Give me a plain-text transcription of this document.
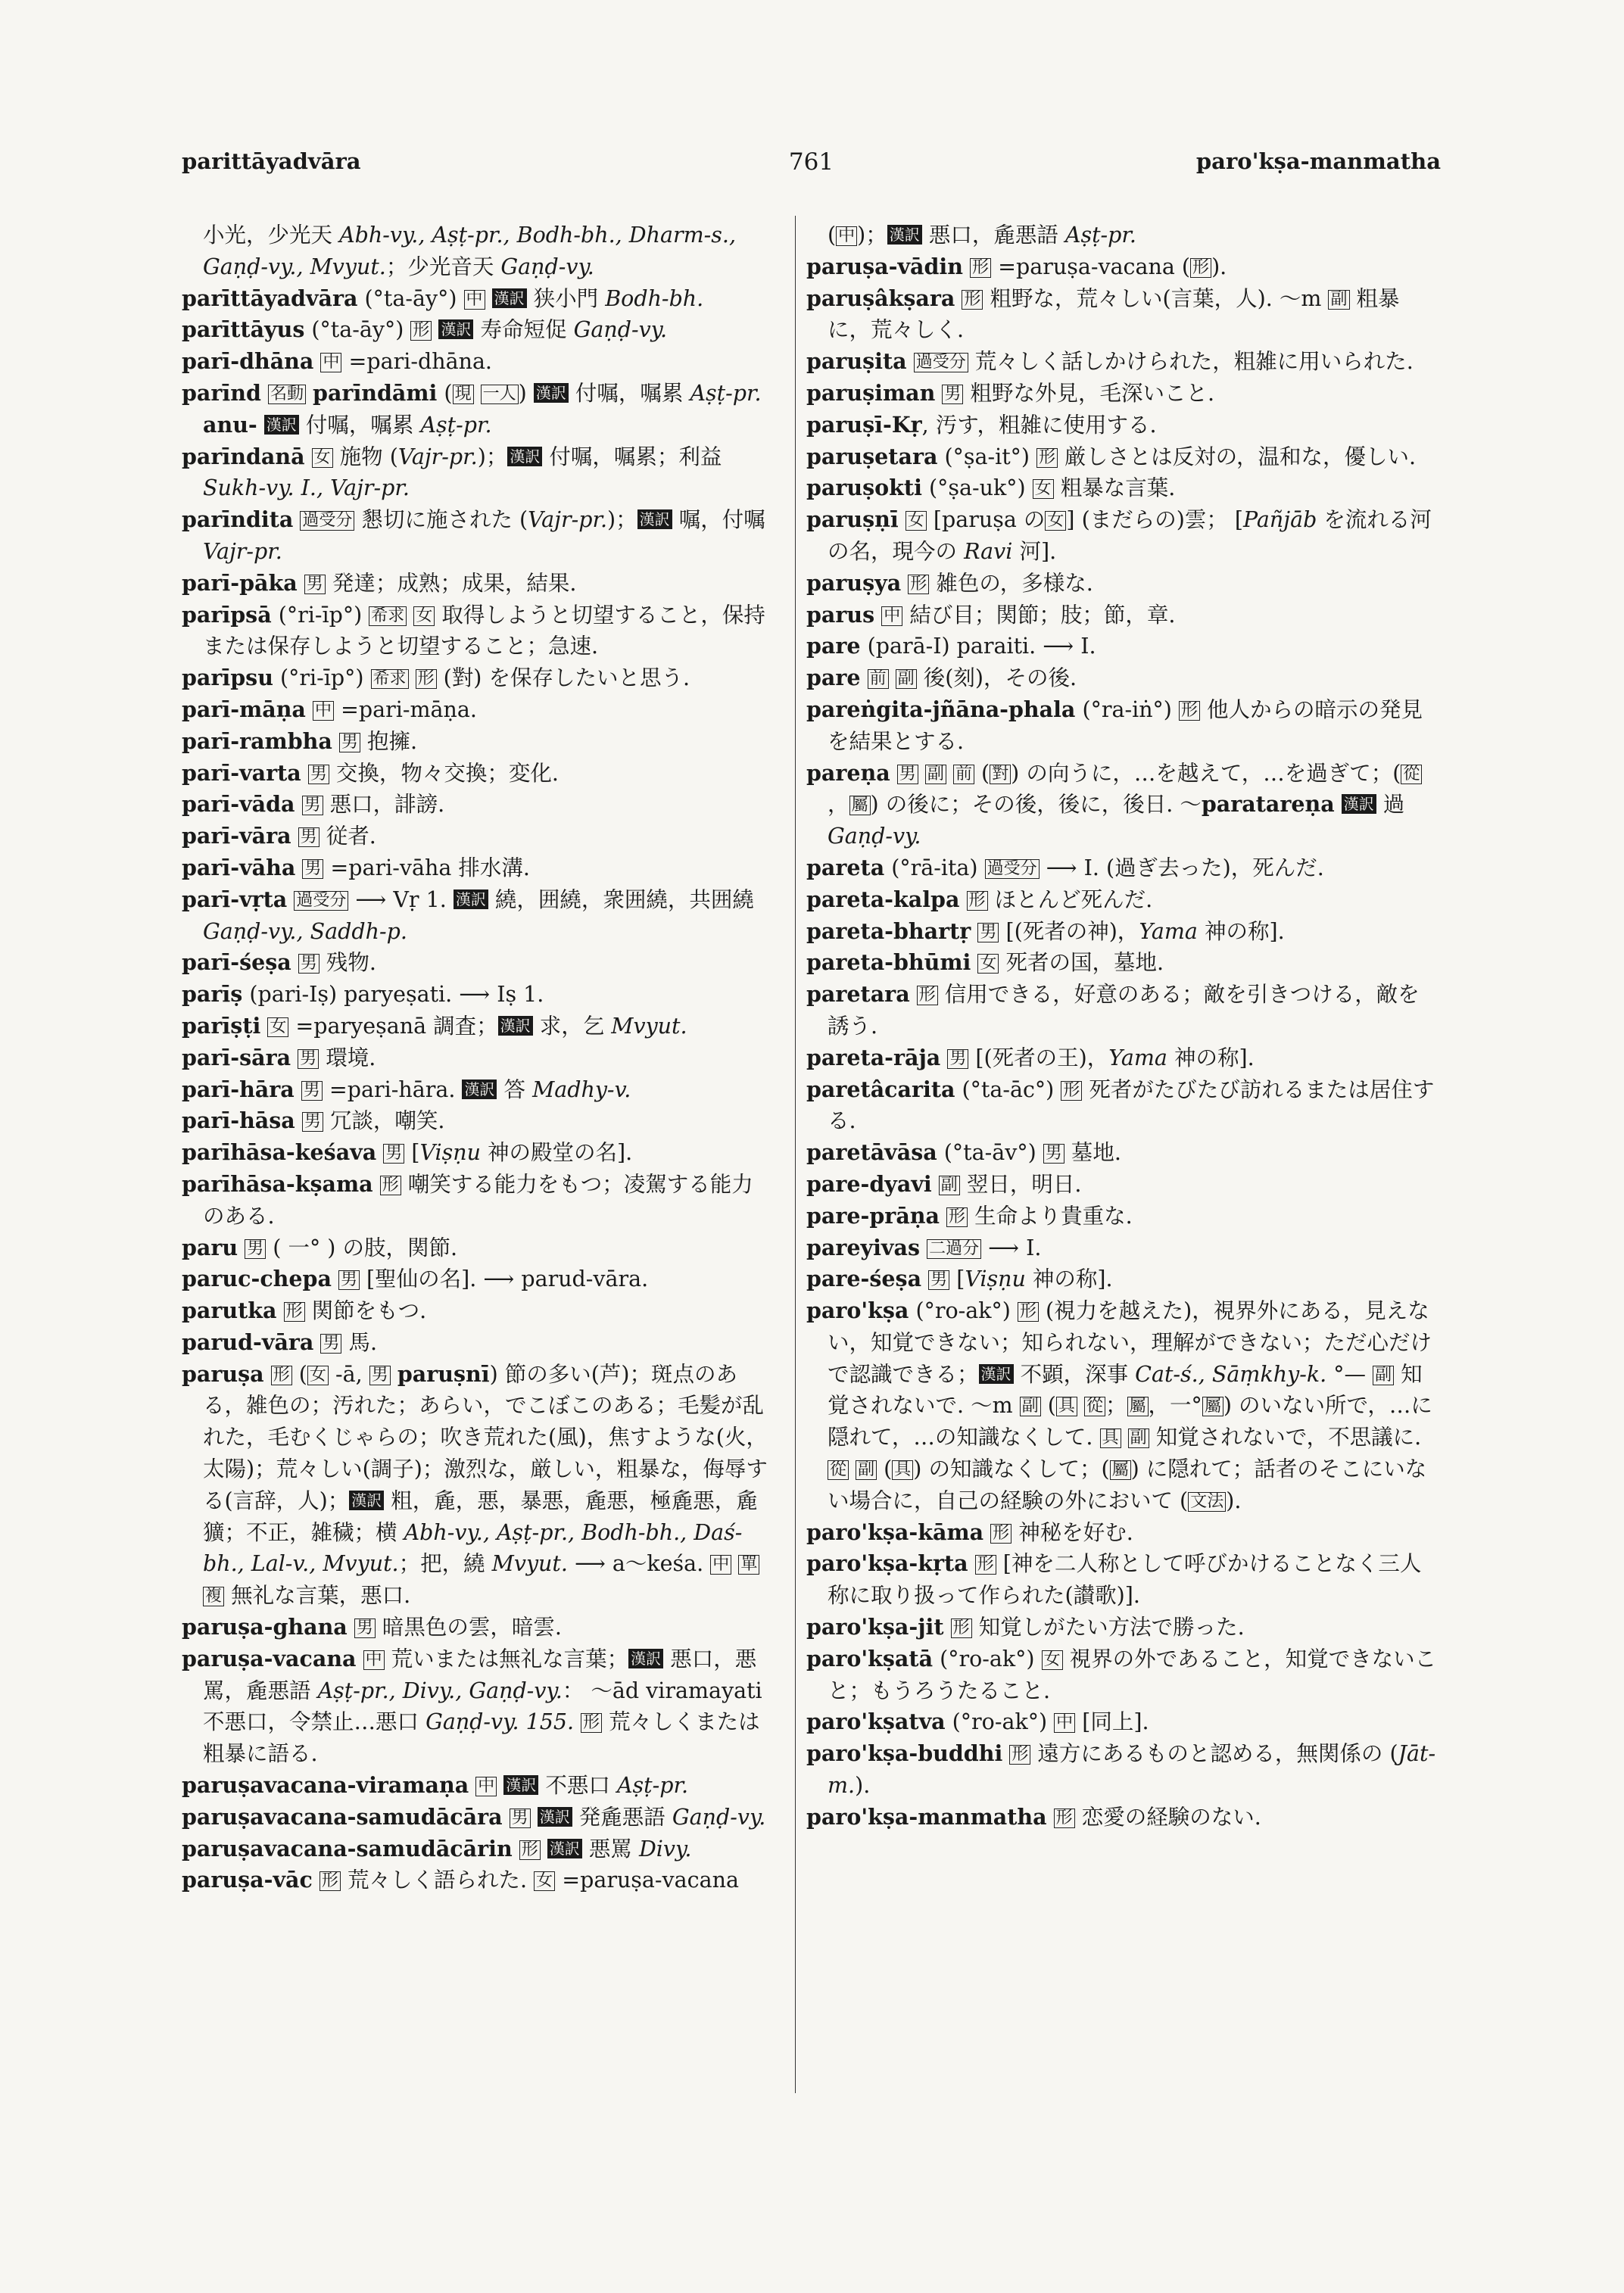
parittāyadvāra	761	paro'kṣa-manmatha

小光，少光天 Abh-vy., Aṣṭ-pr., Bodh-bh., Dharm-s., Gaṇḍ-vy., Mvyut.；少光音天 Gaṇḍ-vy.

parīttāyadvāra (°ta-āy°) 中 漢訳 狭小門 Bodh-bh.

parīttāyus (°ta-āy°) 形 漢訳 寿命短促 Gaṇḍ-vy.

parī-dhāna 中 =pari-dhāna.

parīnd 名動 parīndāmi ( 現 一人 ) 漢訳 付嘱，嘱累 Aṣṭ-pr.

anu- 漢訳 付嘱，嘱累 Aṣṭ-pr.

parīndanā 女 施物 (Vajr-pr.)； 漢訳 付嘱，嘱累；利益 Sukh-vy. I., Vajr-pr.

parīndita 過受分 懇切に施された (Vajr-pr.)； 漢訳 嘱，付嘱 Vajr-pr.

parī-pāka 男 発達；成熟；成果，結果.

parīpsā (°ri-īp°) 希求 女 取得しようと切望すること，保持または保存しようと切望すること；急速.

parīpsu (°ri-īp°) 希求 形 (對) を保存したいと思う.

parī-māṇa 中 =pari-māṇa.

parī-rambha 男 抱擁.

parī-varta 男 交換，物々交換；変化.

parī-vāda 男 悪口，誹謗.

parī-vāra 男 従者.

parī-vāha 男 =pari-vāha 排水溝.

parī-vṛta 過受分 ⟶ Vṛ 1. 漢訳 繞，囲繞，衆囲繞，共囲繞 Gaṇḍ-vy., Saddh-p.

parī-śeṣa 男 残物.

parīṣ (pari-Iṣ) paryeṣati. ⟶ Iṣ 1.

parīṣṭi 女 =paryeṣanā 調査； 漢訳 求，乞 Mvyut.

parī-sāra 男 環境.

parī-hāra 男 =pari-hāra. 漢訳 答 Madhy-v.

parī-hāsa 男 冗談，嘲笑.

parīhāsa-keśava 男 [Viṣṇu 神の殿堂の名].

parīhāsa-kṣama 形 嘲笑する能力をもつ；凌駕する能力のある.

paru 男 ( 一° ) の肢，関節.

paruc-chepa 男 [聖仙の名]. ⟶ parud-vāra.

parutka 形 関節をもつ.

parud-vāra 男 馬.

paruṣa 形 ( 女 -ā, 男 paruṣnī) 節の多い(芦)；斑点のある，雑色の；汚れた；あらい，でこぼこのある；毛髪が乱れた，毛むくじゃらの；吹き荒れた(風)，焦すような(火，太陽)；荒々しい(調子)；激烈な，厳しい，粗暴な，侮辱する(言辞，人)； 漢訳 粗，麁，悪，暴悪，麁悪，極麁悪，麁獷；不正，雑穢；横 Abh-vy., Aṣṭ-pr., Bodh-bh., Daś-bh., Lal-v., Mvyut.；把，繞 Mvyut. ⟶ a～keśa. 中 單 複 無礼な言葉，悪口.

paruṣa-ghana 男 暗黒色の雲，暗雲.

paruṣa-vacana 中 荒いまたは無礼な言葉； 漢訳 悪口，悪罵，麁悪語 Aṣṭ-pr., Divy., Gaṇḍ-vy.： ～ād viramayati 不悪口，令禁止…悪口 Gaṇḍ-vy. 155. 形 荒々しくまたは粗暴に語る.

paruṣavacana-viramaṇa 中 漢訳 不悪口 Aṣṭ-pr.

paruṣavacana-samudācāra 男 漢訳 発麁悪語 Gaṇḍ-vy.

paruṣavacana-samudācārin 形 漢訳 悪罵 Divy.

paruṣa-vāc 形 荒々しく語られた. 女 =paruṣa-vacana

( 中 )； 漢訳 悪口，麁悪語 Aṣṭ-pr.

paruṣa-vādin 形 =paruṣa-vacana ( 形 ).

paruṣâkṣara 形 粗野な，荒々しい(言葉，人). ～m 副 粗暴に，荒々しく.

paruṣita 過受分 荒々しく話しかけられた，粗雑に用いられた.

paruṣiman 男 粗野な外見，毛深いこと.

paruṣī-Kṛ, 汚す，粗雑に使用する.

paruṣetara (°ṣa-it°) 形 厳しさとは反対の，温和な，優しい.

paruṣokti (°ṣa-uk°) 女 粗暴な言葉.

paruṣṇī 女 [paruṣa の 女 ] (まだらの)雲； [Pañjāb を流れる河の名，現今の Ravi 河].

paruṣya 形 雑色の，多様な.

parus 中 結び目；関節；肢；節，章.

pare (parā-I) paraiti. ⟶ I.

pare 前 副 後(刻)，その後.

pareṅgita-jñāna-phala (°ra-iṅ°) 形 他人からの暗示の発見を結果とする.

pareṇa 男 副 前 ( 對 ) の向うに，…を越えて，…を過ぎて；( 從， 屬 ) の後に；その後，後に，後日. ～paratareṇa 漢訳 過 Gaṇḍ-vy.

pareta (°rā-ita) 過受分 ⟶ I. (過ぎ去った)，死んだ.

pareta-kalpa 形 ほとんど死んだ.

pareta-bhartṛ 男 [(死者の神)，Yama 神の称].

pareta-bhūmi 女 死者の国，墓地.

paretara 形 信用できる，好意のある；敵を引きつける，敵を誘う.

pareta-rāja 男 [(死者の王)，Yama 神の称].

paretâcarita (°ta-āc°) 形 死者がたびたび訪れるまたは居住する.

paretāvāsa (°ta-āv°) 男 墓地.

pare-dyavi 副 翌日，明日.

pare-prāṇa 形 生命より貴重な.

pareyivas 二過分 ⟶ I.

pare-śeṣa 男 [Viṣṇu 神の称].

paro'kṣa (°ro-ak°) 形 (視力を越えた)，視界外にある，見えない，知覚できない；知られない，理解ができない；ただ心だけで認識できる； 漢訳 不顕，深事 Cat-ś., Sāṃkhy-k. °— 副 知覚されないで. ～m 副 ( 具 從 ； 屬 ，一° 屬 ) のいない所で，…に隠れて，…の知識なくして. 具 副 知覚されないで，不思議に. 從 副 ( 具 ) の知識なくして；( 屬 ) に隠れて；話者のそこにいない場合に，自己の経験の外において ( 文法 ).

paro'kṣa-kāma 形 神秘を好む.

paro'kṣa-kṛta 形 [神を二人称として呼びかけることなく三人称に取り扱って作られた(讃歌)].

paro'kṣa-jit 形 知覚しがたい方法で勝った.

paro'kṣatā (°ro-ak°) 女 視界の外であること，知覚できないこと；もうろうたること.

paro'kṣatva (°ro-ak°) 中 [同上].

paro'kṣa-buddhi 形 遠方にあるものと認める，無関係の (Jāt-m.).

paro'kṣa-manmatha 形 恋愛の経験のない.
